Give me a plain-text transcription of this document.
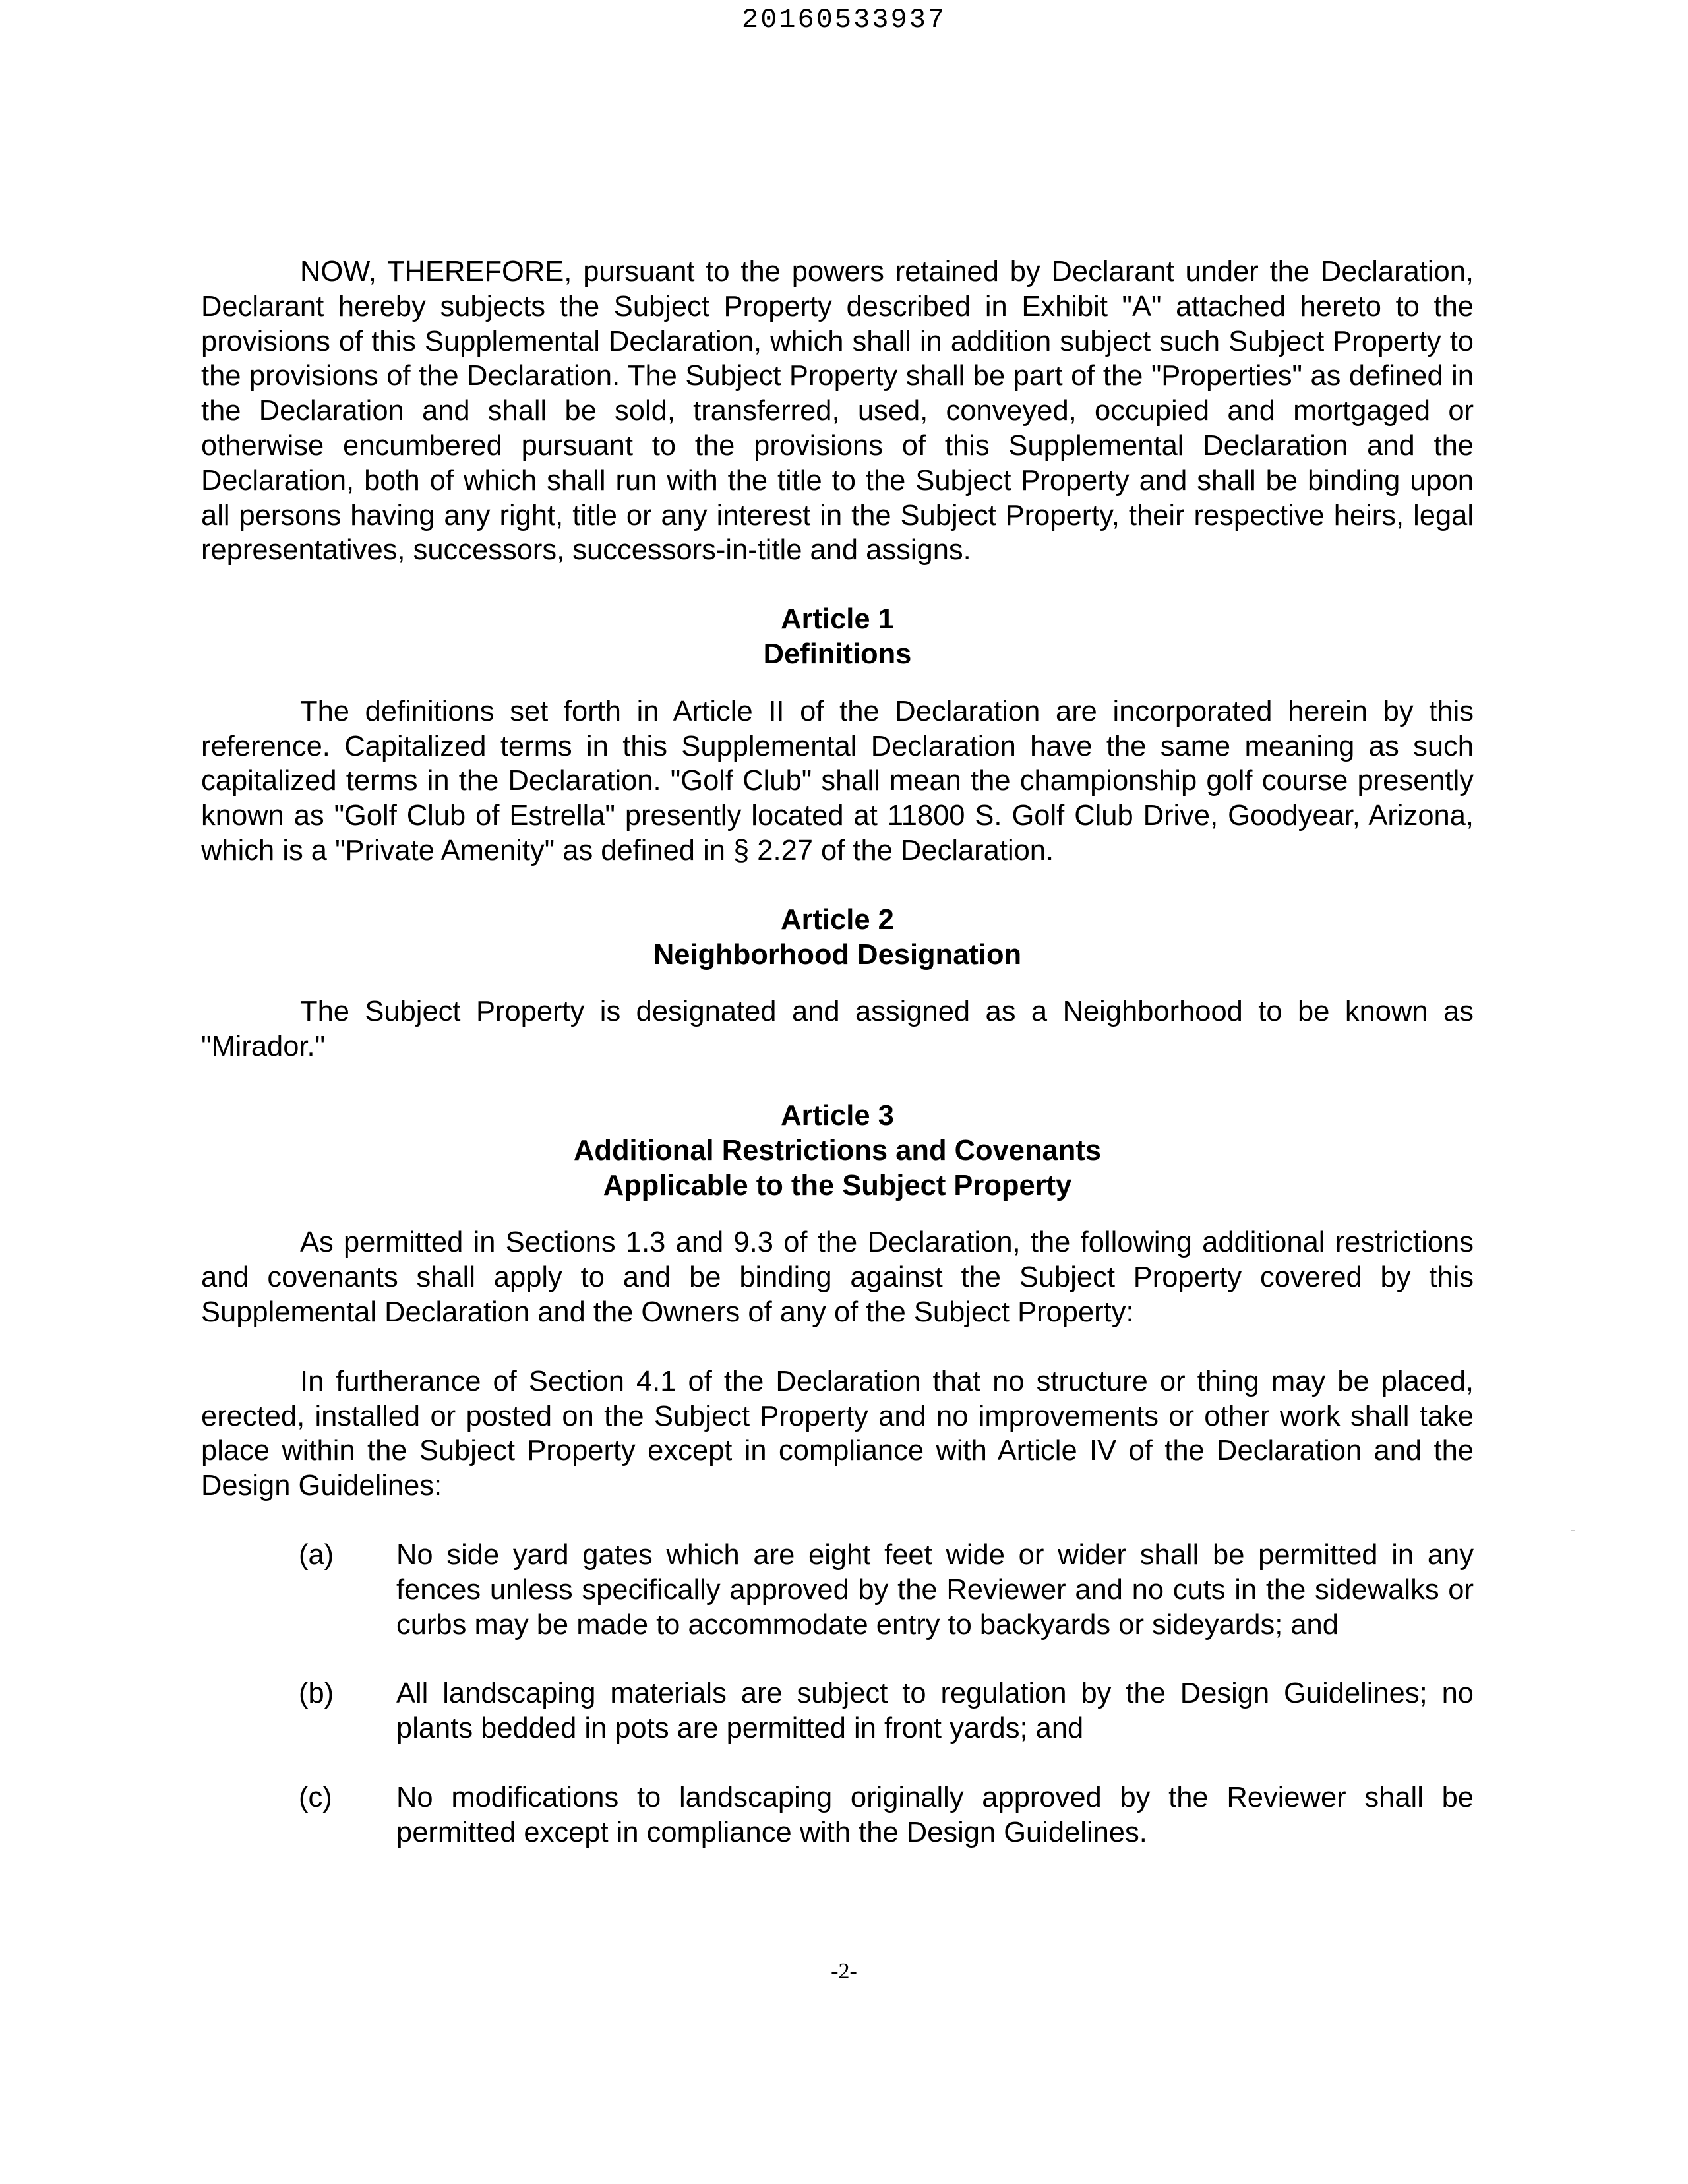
20160533937

NOW, THEREFORE, pursuant to the powers retained by Declarant under the Declaration, Declarant hereby subjects the Subject Property described in Exhibit "A" attached hereto to the provisions of this Supplemental Declaration, which shall in addition subject such Subject Property to the provisions of the Declaration. The Subject Property shall be part of the "Properties" as defined in the Declaration and shall be sold, transferred, used, conveyed, occupied and mortgaged or otherwise encumbered pursuant to the provisions of this Supplemental Declaration and the Declaration, both of which shall run with the title to the Subject Property and shall be binding upon all persons having any right, title or any interest in the Subject Property, their respective heirs, legal representatives, successors, successors-in-title and assigns.

Article 1
Definitions

The definitions set forth in Article II of the Declaration are incorporated herein by this reference. Capitalized terms in this Supplemental Declaration have the same meaning as such capitalized terms in the Declaration. "Golf Club" shall mean the championship golf course presently known as "Golf Club of Estrella" presently located at 11800 S. Golf Club Drive, Goodyear, Arizona, which is a "Private Amenity" as defined in § 2.27 of the Declaration.

Article 2
Neighborhood Designation

The Subject Property is designated and assigned as a Neighborhood to be known as "Mirador."

Article 3
Additional Restrictions and Covenants
Applicable to the Subject Property

As permitted in Sections 1.3 and 9.3 of the Declaration, the following additional restrictions and covenants shall apply to and be binding against the Subject Property covered by this Supplemental Declaration and the Owners of any of the Subject Property:

In furtherance of Section 4.1 of the Declaration that no structure or thing may be placed, erected, installed or posted on the Subject Property and no improvements or other work shall take place within the Subject Property except in compliance with Article IV of the Declaration and the Design Guidelines:

(a)	No side yard gates which are eight feet wide or wider shall be permitted in any fences unless specifically approved by the Reviewer and no cuts in the sidewalks or curbs may be made to accommodate entry to backyards or sideyards; and
(b)	All landscaping materials are subject to regulation by the Design Guidelines; no plants bedded in pots are permitted in front yards; and
(c)	No modifications to landscaping originally approved by the Reviewer shall be permitted except in compliance with the Design Guidelines.
-2-
